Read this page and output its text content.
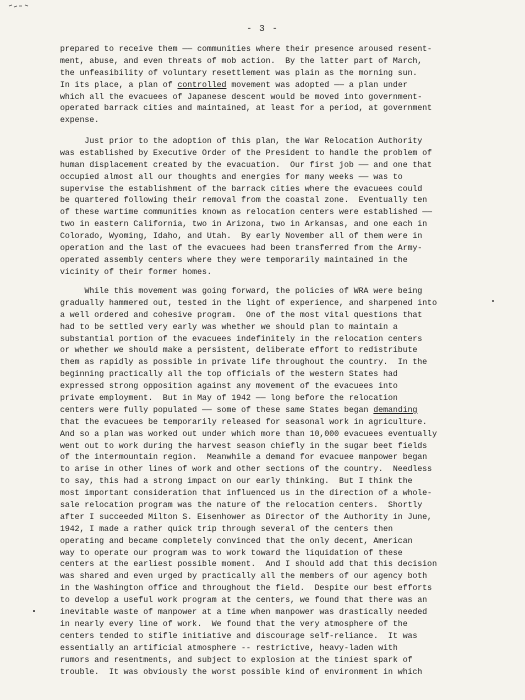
- 3 -
prepared to receive them —— communities where their presence aroused resent-
ment, abuse, and even threats of mob action.  By the latter part of March,
the unfeasibility of voluntary resettlement was plain as the morning sun.
In its place, a plan of controlled movement was adopted —— a plan under
which all the evacuees of Japanese descent would be moved into government-
operated barrack cities and maintained, at least for a period, at government
expense.
Just prior to the adoption of this plan, the War Relocation Authority
was established by Executive Order of the President to handle the problem of
human displacement created by the evacuation.  Our first job —— and one that
occupied almost all our thoughts and energies for many weeks —— was to
supervise the establishment of the barrack cities where the evacuees could
be quartered following their removal from the coastal zone.  Eventually ten
of these wartime communities known as relocation centers were established ——
two in eastern California, two in Arizona, two in Arkansas, and one each in
Colorado, Wyoming, Idaho, and Utah.  By early November all of them were in
operation and the last of the evacuees had been transferred from the Army-
operated assembly centers where they were temporarily maintained in the
vicinity of their former homes.
While this movement was going forward, the policies of WRA were being
gradually hammered out, tested in the light of experience, and sharpened into
a well ordered and cohesive program.  One of the most vital questions that
had to be settled very early was whether we should plan to maintain a
substantial portion of the evacuees indefinitely in the relocation centers
or whether we should make a persistent, deliberate effort to redistribute
them as rapidly as possible in private life throughout the country.  In the
beginning practically all the top officials of the western States had
expressed strong opposition against any movement of the evacuees into
private employment.  But in May of 1942 —— long before the relocation
centers were fully populated —— some of these same States began demanding
that the evacuees be temporarily released for seasonal work in agriculture.
And so a plan was worked out under which more than 10,000 evacuees eventually
went out to work during the harvest season chiefly in the sugar beet fields
of the intermountain region.  Meanwhile a demand for evacuee manpower began
to arise in other lines of work and other sections of the country.  Needless
to say, this had a strong impact on our early thinking.  But I think the
most important consideration that influenced us in the direction of a whole-
sale relocation program was the nature of the relocation centers.  Shortly
after I succeeded Milton S. Eisenhower as Director of the Authority in June,
1942, I made a rather quick trip through several of the centers then
operating and became completely convinced that the only decent, American
way to operate our program was to work toward the liquidation of these
centers at the earliest possible moment.  And I should add that this decision
was shared and even urged by practically all the members of our agency both
in the Washington office and throughout the field.  Despite our best efforts
to develop a useful work program at the centers, we found that there was an
inevitable waste of manpower at a time when manpower was drastically needed
in nearly every line of work.  We found that the very atmosphere of the
centers tended to stifle initiative and discourage self-reliance.  It was
essentially an artificial atmosphere -- restrictive, heavy-laden with
rumors and resentments, and subject to explosion at the tiniest spark of
trouble.  It was obviously the worst possible kind of environment in which
